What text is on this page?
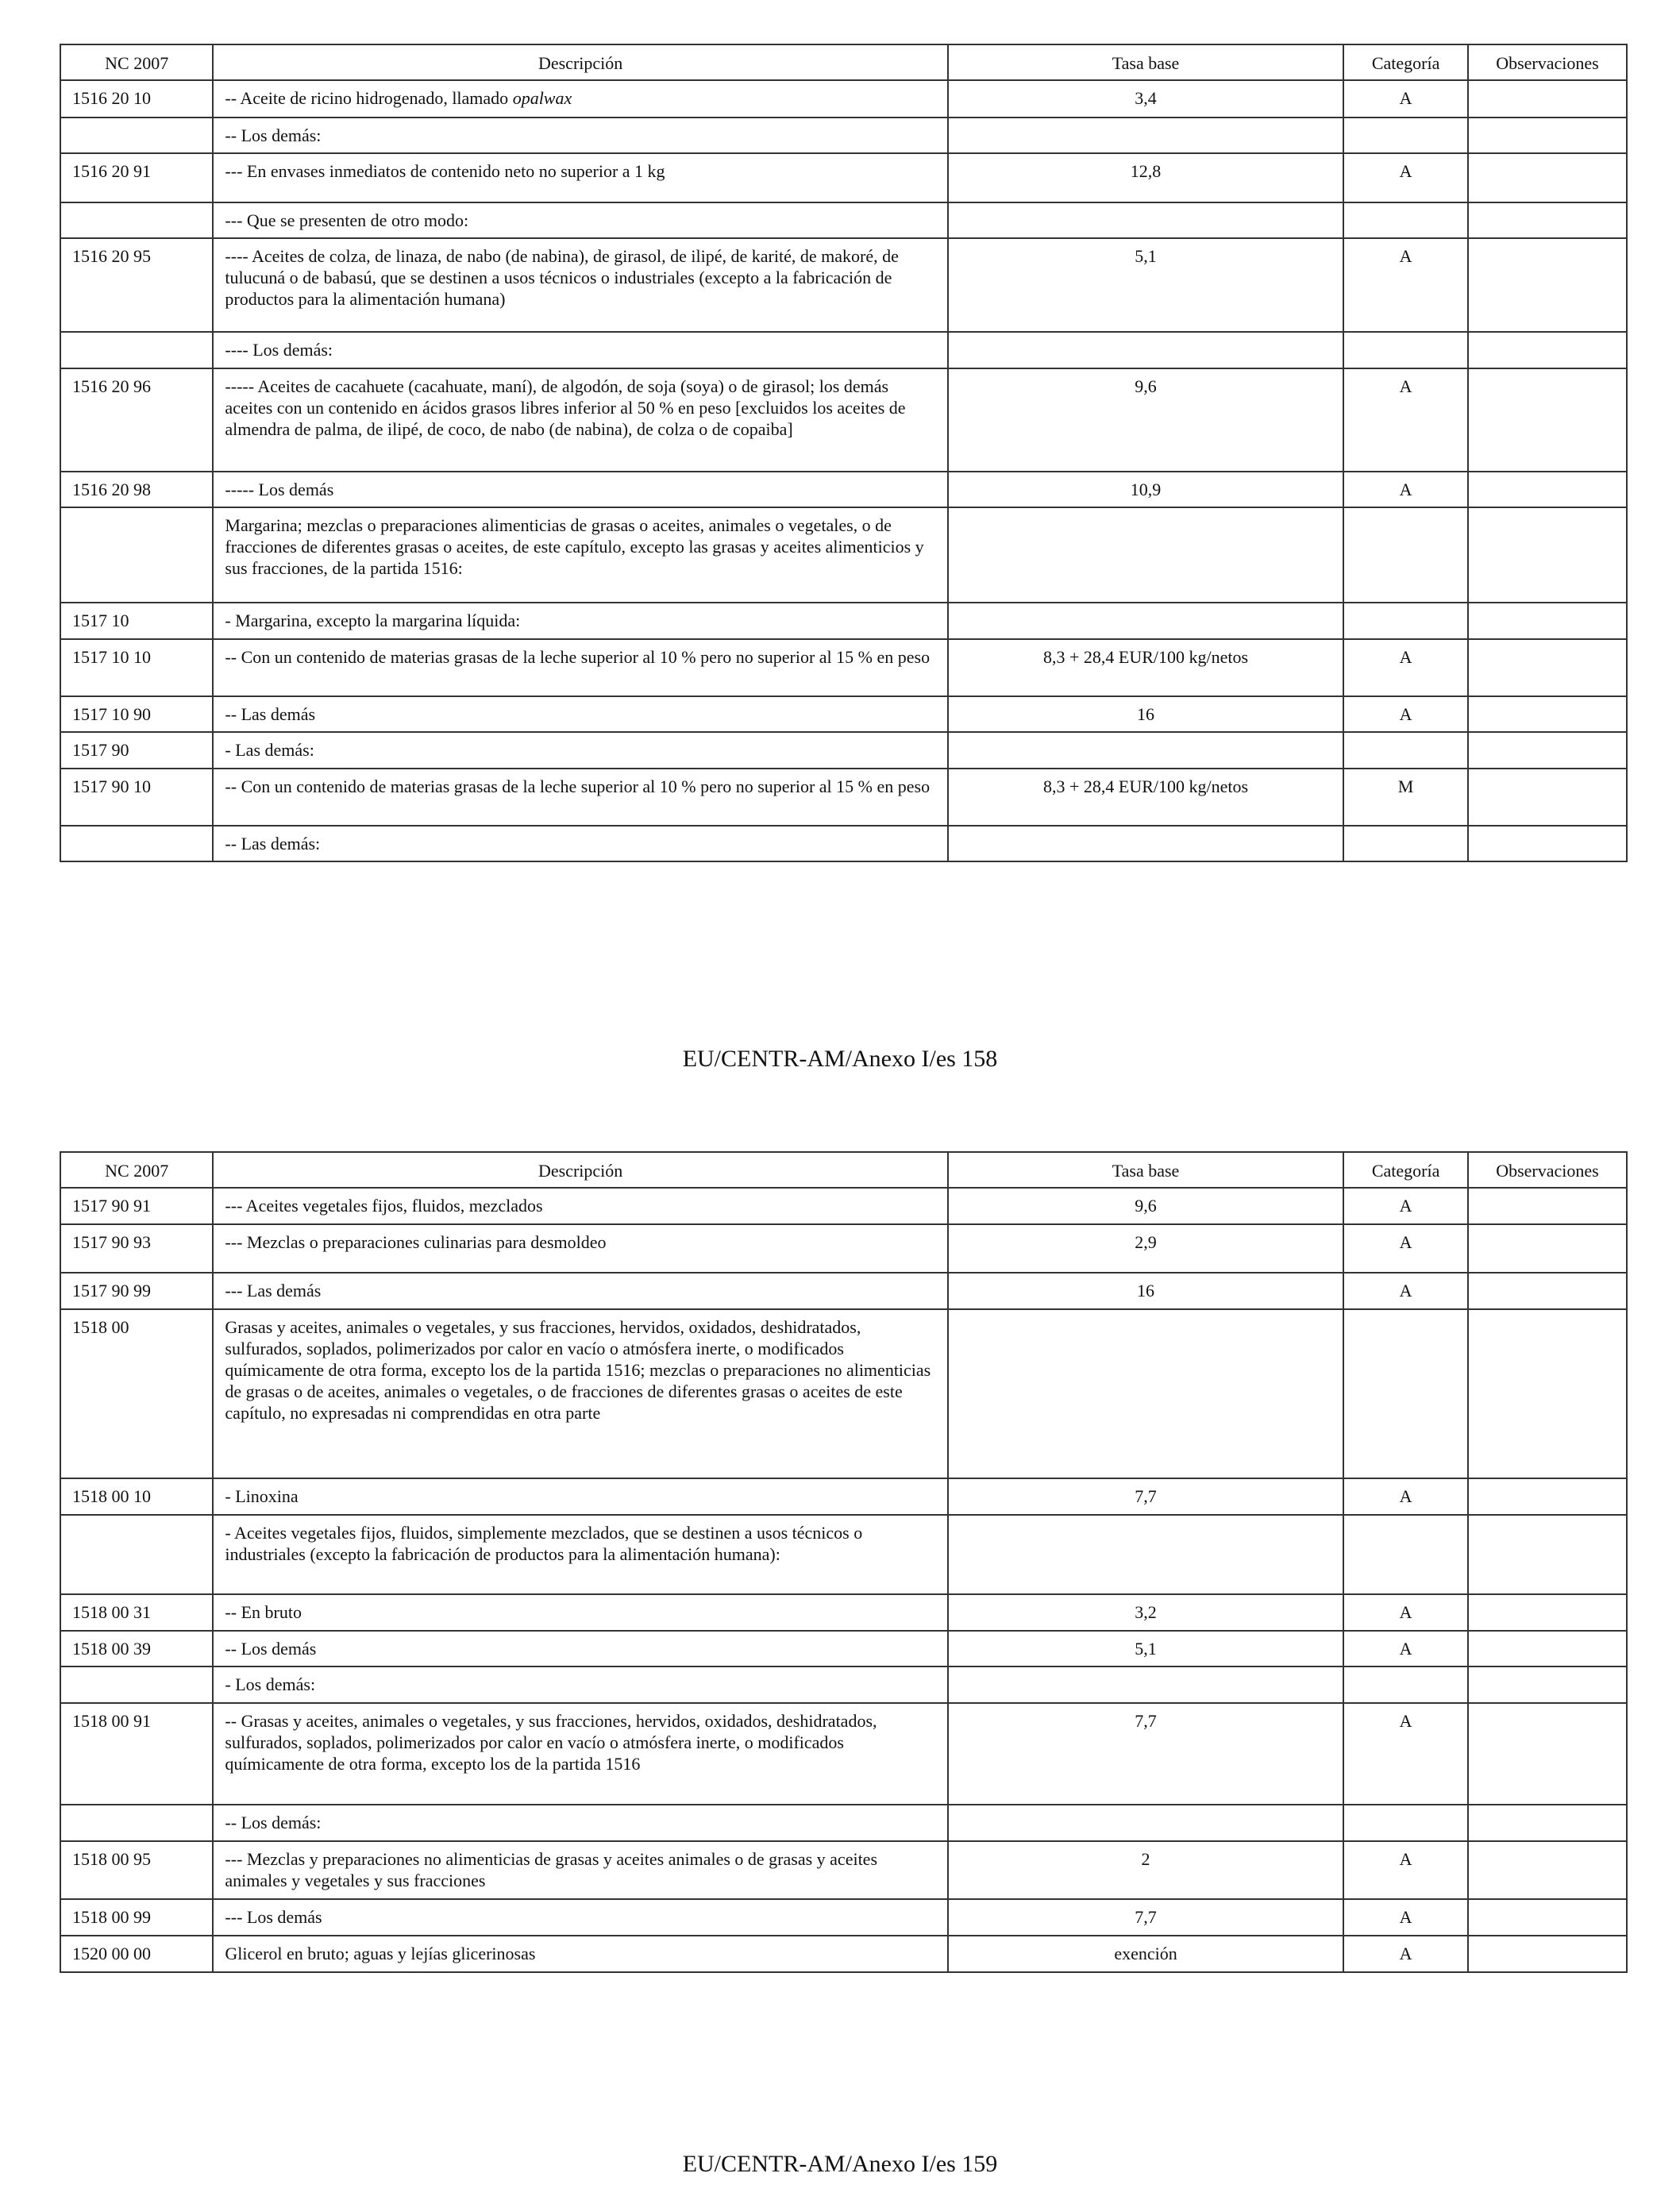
NC 2007	Descripción	Tasa base	Categoría	Observaciones
1516 20 10	-- Aceite de ricino hidrogenado, llamado opalwax	3,4	A	
	-- Los demás:			
1516 20 91	--- En envases inmediatos de contenido neto no superior a 1 kg	12,8	A	
	--- Que se presenten de otro modo:			
1516 20 95	---- Aceites de colza, de linaza, de nabo (de nabina), de girasol, de ilipé, de karité, de makoré, de tulucuná o de babasú, que se destinen a usos técnicos o industriales (excepto a la fabricación de productos para la alimentación humana)	5,1	A	
	---- Los demás:			
1516 20 96	----- Aceites de cacahuete (cacahuate, maní), de algodón, de soja (soya) o de girasol; los demás aceites con un contenido en ácidos grasos libres inferior al 50 % en peso [excluidos los aceites de almendra de palma, de ilipé, de coco, de nabo (de nabina), de colza o de copaiba]	9,6	A	
1516 20 98	----- Los demás	10,9	A	
	Margarina; mezclas o preparaciones alimenticias de grasas o aceites, animales o vegetales, o de fracciones de diferentes grasas o aceites, de este capítulo, excepto las grasas y aceites alimenticios y sus fracciones, de la partida 1516:			
1517 10	- Margarina, excepto la margarina líquida:			
1517 10 10	-- Con un contenido de materias grasas de la leche superior al 10 % pero no superior al 15 % en peso	8,3 + 28,4 EUR/100 kg/netos	A	
1517 10 90	-- Las demás	16	A	
1517 90	- Las demás:			
1517 90 10	-- Con un contenido de materias grasas de la leche superior al 10 % pero no superior al 15 % en peso	8,3 + 28,4 EUR/100 kg/netos	M	
	-- Las demás:			
EU/CENTR-AM/Anexo I/es 158
NC 2007	Descripción	Tasa base	Categoría	Observaciones
1517 90 91	--- Aceites vegetales fijos, fluidos, mezclados	9,6	A	
1517 90 93	--- Mezclas o preparaciones culinarias para desmoldeo	2,9	A	
1517 90 99	--- Las demás	16	A	
1518 00	Grasas y aceites, animales o vegetales, y sus fracciones, hervidos, oxidados, deshidratados, sulfurados, soplados, polimerizados por calor en vacío o atmósfera inerte, o modificados químicamente de otra forma, excepto los de la partida 1516; mezclas o preparaciones no alimenticias de grasas o de aceites, animales o vegetales, o de fracciones de diferentes grasas o aceites de este capítulo, no expresadas ni comprendidas en otra parte			
1518 00 10	- Linoxina	7,7	A	
	- Aceites vegetales fijos, fluidos, simplemente mezclados, que se destinen a usos técnicos o industriales (excepto la fabricación de productos para la alimentación humana):			
1518 00 31	-- En bruto	3,2	A	
1518 00 39	-- Los demás	5,1	A	
	- Los demás:			
1518 00 91	-- Grasas y aceites, animales o vegetales, y sus fracciones, hervidos, oxidados, deshidratados, sulfurados, soplados, polimerizados por calor en vacío o atmósfera inerte, o modificados químicamente de otra forma, excepto los de la partida 1516	7,7	A	
	-- Los demás:			
1518 00 95	--- Mezclas y preparaciones no alimenticias de grasas y aceites animales o de grasas y aceites animales y vegetales y sus fracciones	2	A	
1518 00 99	--- Los demás	7,7	A	
1520 00 00	Glicerol en bruto; aguas y lejías glicerinosas	exención	A	
EU/CENTR-AM/Anexo I/es 159
